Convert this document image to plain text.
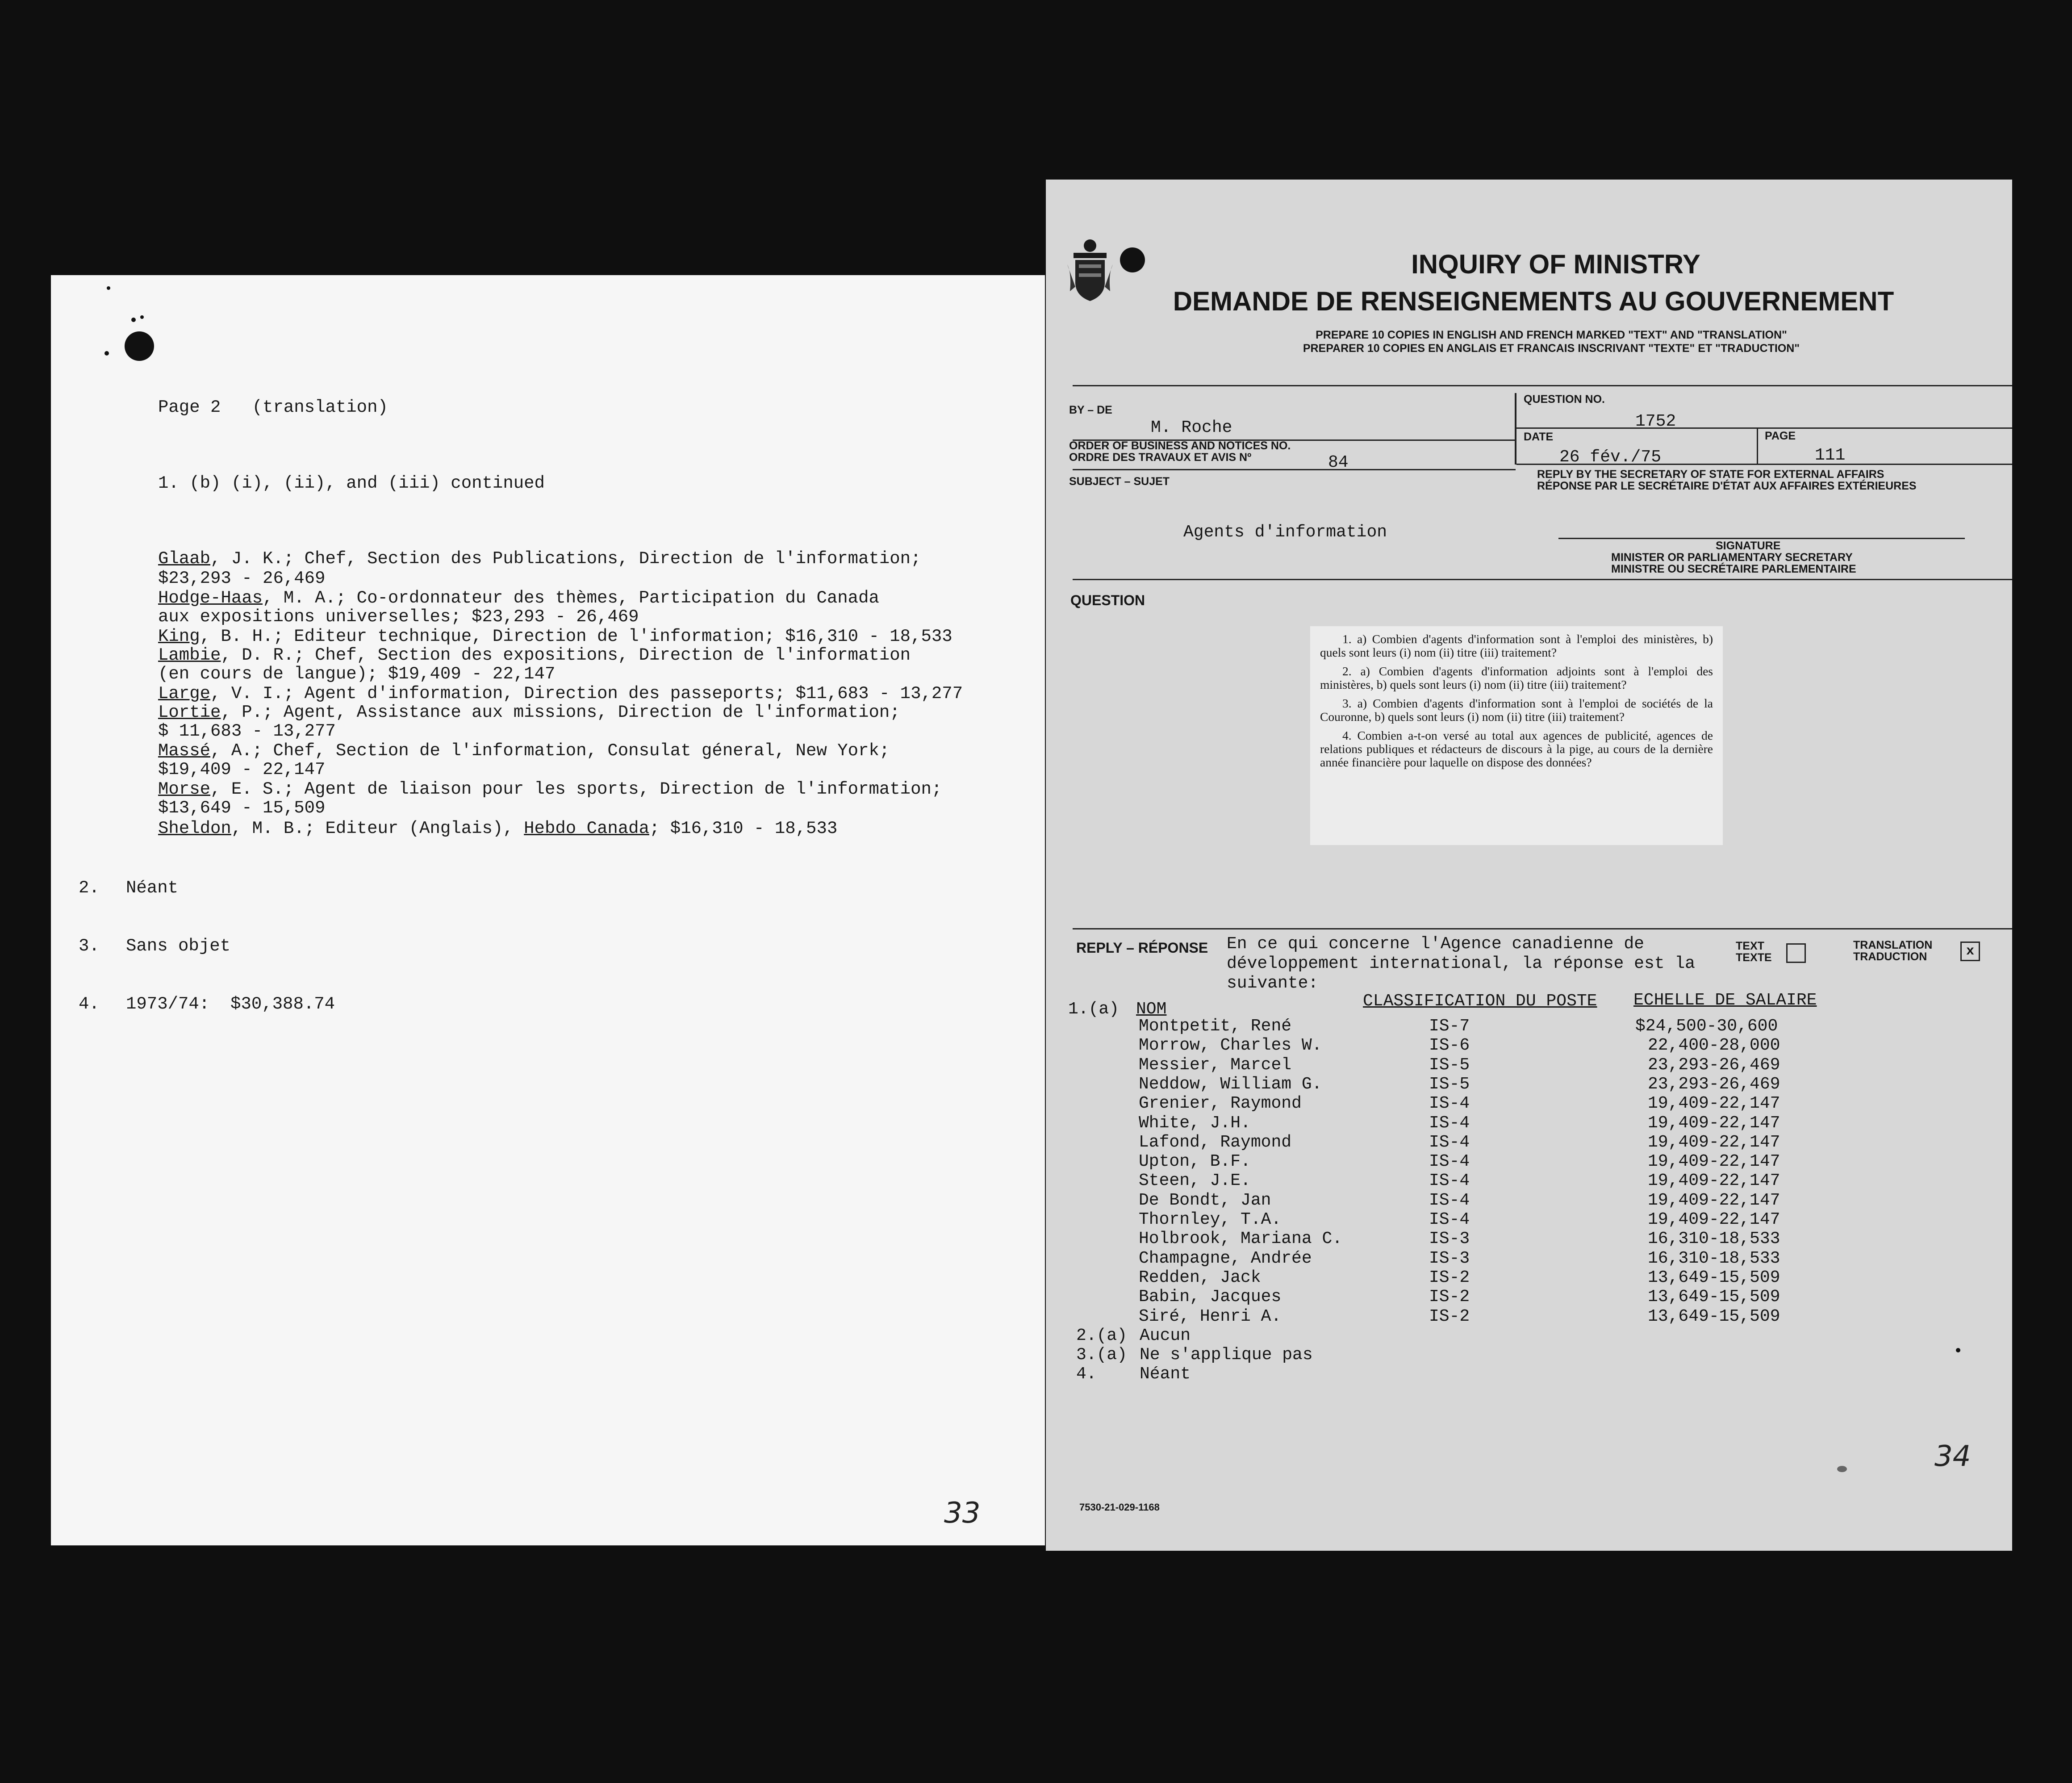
Page 2   (translation)
1. (b) (i), (ii), and (iii) continued
Glaab, J. K.; Chef, Section des Publications, Direction de l'information;
$23,293 - 26,469
Hodge-Haas, M. A.; Co-ordonnateur des thèmes, Participation du Canada
aux expositions universelles; $23,293 - 26,469
King, B. H.; Editeur technique, Direction de l'information; $16,310 - 18,533
Lambie, D. R.; Chef, Section des expositions, Direction de l'information
(en cours de langue); $19,409 - 22,147
Large, V. I.; Agent d'information, Direction des passeports; $11,683 - 13,277
Lortie, P.; Agent, Assistance aux missions, Direction de l'information;
$ 11,683 - 13,277
Massé, A.; Chef, Section de l'information, Consulat géneral, New York;
$19,409 - 22,147
Morse, E. S.; Agent de liaison pour les sports, Direction de l'information;
$13,649 - 15,509
Sheldon, M. B.; Editeur (Anglais), Hebdo Canada; $16,310 - 18,533
2. Néant
3. Sans objet
4. 1973/74:  $30,388.74
33
INQUIRY OF MINISTRY
DEMANDE DE RENSEIGNEMENTS AU GOUVERNEMENT
PREPARE 10 COPIES IN ENGLISH AND FRENCH MARKED "TEXT" AND "TRANSLATION"
PREPARER 10 COPIES EN ANGLAIS ET FRANCAIS INSCRIVANT "TEXTE" ET "TRADUCTION"
BY – DE
M. Roche
QUESTION NO.
1752
ORDER OF BUSINESS AND NOTICES NO.
ORDRE DES TRAVAUX ET AVIS Nº	84
DATE
26 fév./75
PAGE
111
SUBJECT – SUJET
REPLY BY THE SECRETARY OF STATE FOR EXTERNAL AFFAIRS
RÉPONSE PAR LE SECRÉTAIRE D'ÉTAT AUX AFFAIRES EXTÉRIEURES
Agents d'information
SIGNATURE
MINISTER OR PARLIAMENTARY SECRETARY
MINISTRE OU SECRÉTAIRE PARLEMENTAIRE
QUESTION

1. a) Combien d'agents d'information sont à l'emploi des ministères, b) quels sont leurs (i) nom (ii) titre (iii) traitement?

2. a) Combien d'agents d'information adjoints sont à l'emploi des ministères, b) quels sont leurs (i) nom (ii) titre (iii) traitement?

3. a) Combien d'agents d'information sont à l'emploi de sociétés de la Couronne, b) quels sont leurs (i) nom (ii) titre (iii) traitement?

4. Combien a-t-on versé au total aux agences de publicité, agences de relations publiques et rédacteurs de discours à la pige, au cours de la dernière année financière pour laquelle on dispose des données?

REPLY – RÉPONSE En ce qui concerne l'Agence canadienne de
développement international, la réponse est la
suivante:
TEXT
TEXTE
TRANSLATION
TRADUCTION	x
1.(a) NOM	CLASSIFICATION DU POSTE ECHELLE DE SALAIRE
Montpetit, René	IS-7	$24,500-30,600
Morrow, Charles W.	IS-6	22,400-28,000
Messier, Marcel	IS-5	23,293-26,469
Neddow, William G.	IS-5	23,293-26,469
Grenier, Raymond	IS-4	19,409-22,147
White, J.H.	IS-4	19,409-22,147
Lafond, Raymond	IS-4	19,409-22,147
Upton, B.F.	IS-4	19,409-22,147
Steen, J.E.	IS-4	19,409-22,147
De Bondt, Jan	IS-4	19,409-22,147
Thornley, T.A.	IS-4	19,409-22,147
Holbrook, Mariana C.	IS-3	16,310-18,533
Champagne, Andrée	IS-3	16,310-18,533
Redden, Jack	IS-2	13,649-15,509
Babin, Jacques	IS-2	13,649-15,509
Siré, Henri A.	IS-2	13,649-15,509
2.(a) Aucun
3.(a) Ne s'applique pas
4.	Néant
7530-21-029-1168
34
